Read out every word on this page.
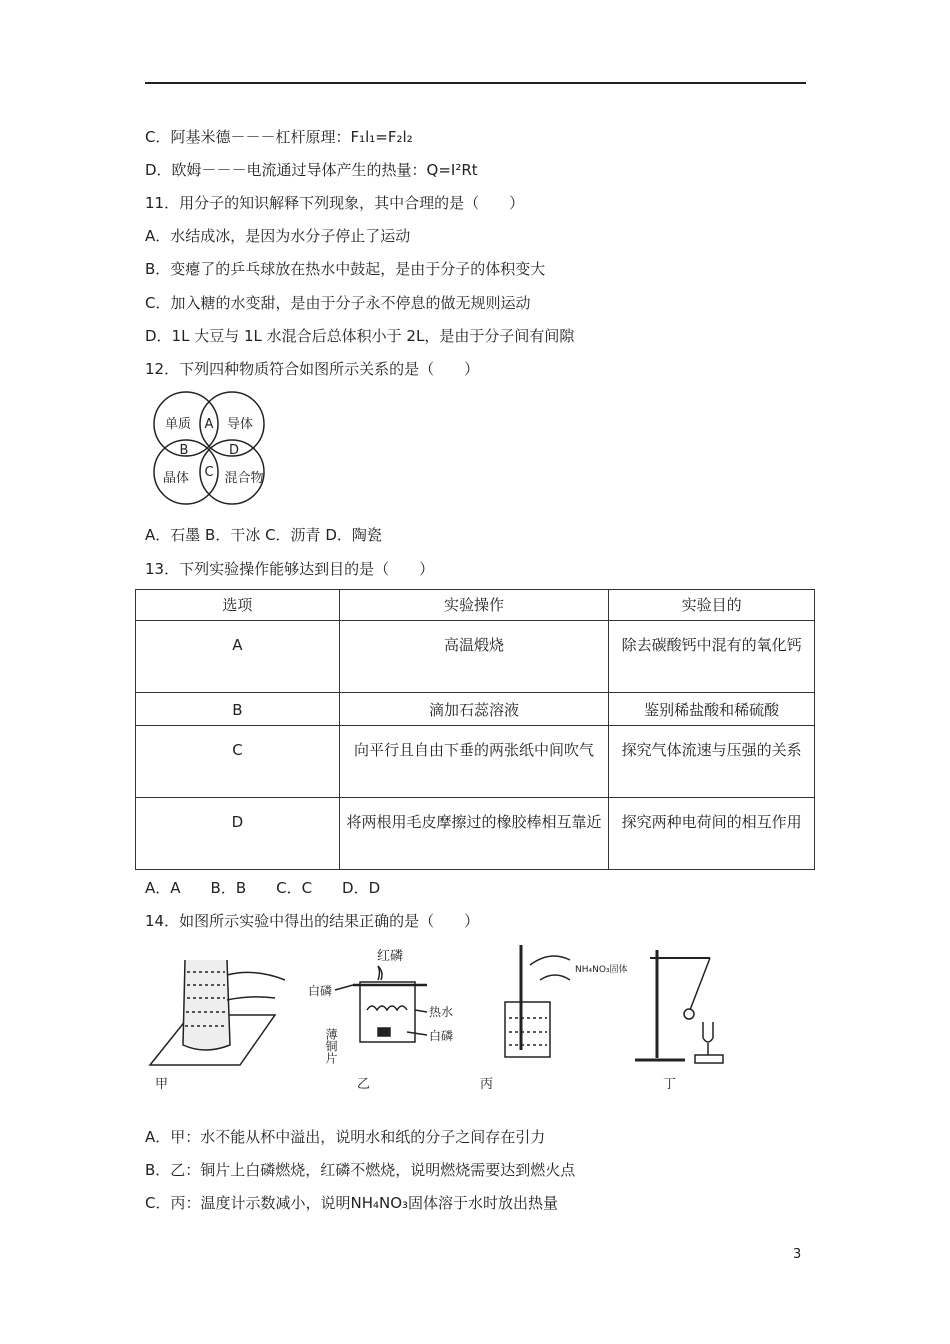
C．阿基米德－－－杠杆原理：F₁l₁=F₂l₂
D．欧姆－－－电流通过导体产生的热量：Q=I²Rt
11．用分子的知识解释下列现象，其中合理的是（　　）
A．水结成冰，是因为水分子停止了运动
B．变瘪了的乒乓球放在热水中鼓起，是由于分子的体积变大
C．加入糖的水变甜，是由于分子永不停息的做无规则运动
D．1L 大豆与 1L 水混合后总体积小于 2L，是由于分子间有间隙
12．下列四种物质符合如图所示关系的是（　　）
单质	导体
晶体	混合物
A
B	D
C
A．石墨 B．干冰 C．沥青 D．陶瓷
13．下列实验操作能够达到目的是（　　）
选项	实验操作	实验目的
A	高温煅烧	除去碳酸钙中混有的氧化钙
B	滴加石蕊溶液	鉴别稀盐酸和稀硫酸
C	向平行且自由下垂的两张纸中间吹气	探究气体流速与压强的关系
D	将两根用毛皮摩擦过的橡胶棒相互靠近	探究两种电荷间的相互作用
A．A　　B．B　　C．C　　D．D
14．如图所示实验中得出的结果正确的是（　　）
甲	乙	丙	丁
红磷
白磷
薄铜片
热水
白磷
NH₄NO₃固体
A．甲：水不能从杯中溢出，说明水和纸的分子之间存在引力
B．乙：铜片上白磷燃烧，红磷不燃烧，说明燃烧需要达到燃火点
C．丙：温度计示数减小，说明NH₄NO₃固体溶于水时放出热量
3
